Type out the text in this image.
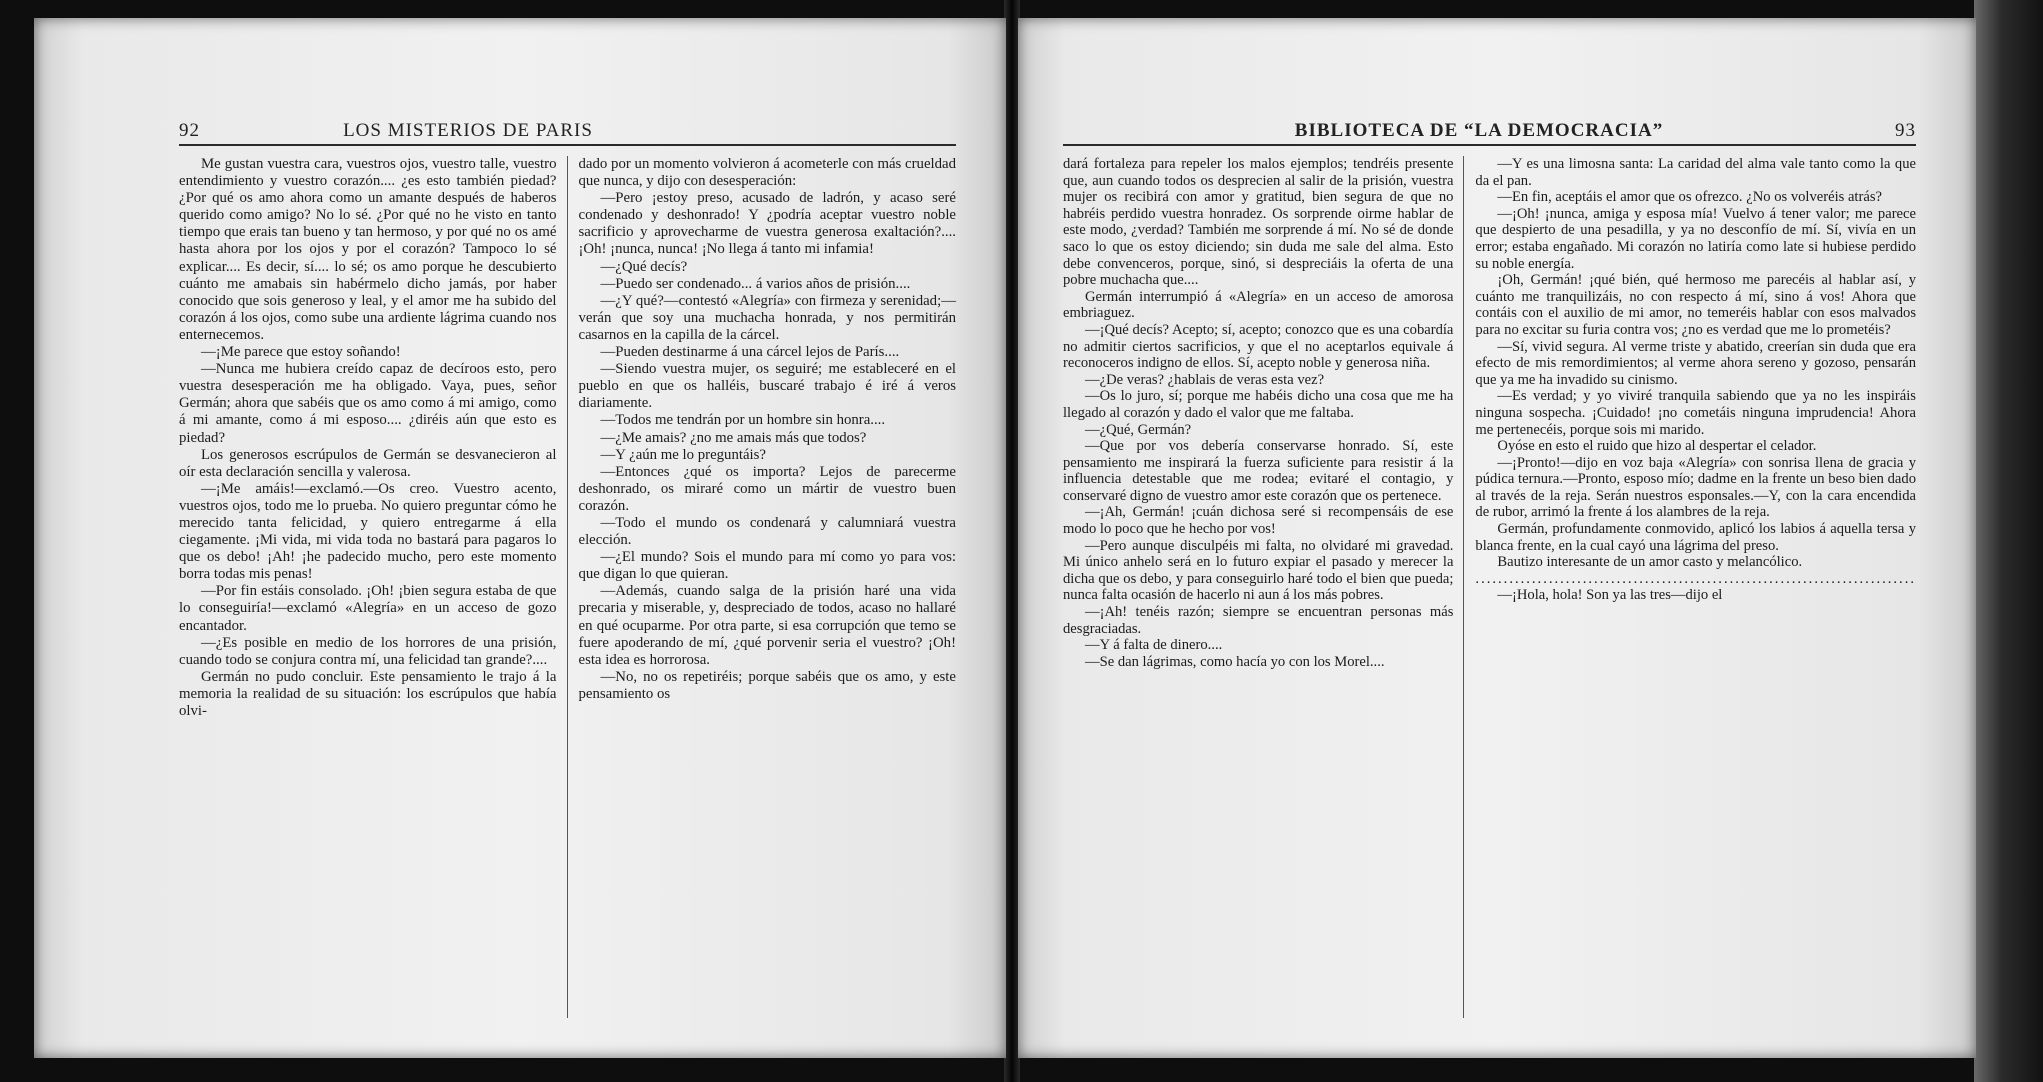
92	LOS MISTERIOS DE PARIS

Me gustan vuestra cara, vuestros ojos, vuestro talle, vuestro entendimiento y vuestro corazón.... ¿es esto también piedad? ¿Por qué os amo ahora como un amante después de haberos querido como amigo? No lo sé. ¿Por qué no he visto en tanto tiempo que erais tan bueno y tan hermoso, y por qué no os amé hasta ahora por los ojos y por el corazón? Tampoco lo sé explicar.... Es decir, sí.... lo sé; os amo porque he descubierto cuánto me amabais sin habérmelo dicho jamás, por haber conocido que sois generoso y leal, y el amor me ha subido del corazón á los ojos, como sube una ardiente lágrima cuando nos enternecemos.

—¡Me parece que estoy soñando!

—Nunca me hubiera creído capaz de decíroos esto, pero vuestra desesperación me ha obligado. Vaya, pues, señor Germán; ahora que sabéis que os amo como á mi amigo, como á mi amante, como á mi esposo.... ¿diréis aún que esto es piedad?

Los generosos escrúpulos de Germán se desvanecieron al oír esta declaración sencilla y valerosa.

—¡Me amáis!—exclamó.—Os creo. Vuestro acento, vuestros ojos, todo me lo prueba. No quiero preguntar cómo he merecido tanta felicidad, y quiero entregarme á ella ciegamente. ¡Mi vida, mi vida toda no bastará para pagaros lo que os debo! ¡Ah! ¡he padecido mucho, pero este momento borra todas mis penas!

—Por fin estáis consolado. ¡Oh! ¡bien segura estaba de que lo conseguiría!—exclamó «Alegría» en un acceso de gozo encantador.

—¿Es posible en medio de los horrores de una prisión, cuando todo se conjura contra mí, una felicidad tan grande?....

Germán no pudo concluir. Este pensamiento le trajo á la memoria la realidad de su situación: los escrúpulos que había olvi-

dado por un momento volvieron á acometerle con más crueldad que nunca, y dijo con desesperación:

—Pero ¡estoy preso, acusado de ladrón, y acaso seré condenado y deshonrado! Y ¿podría aceptar vuestro noble sacrificio y aprovecharme de vuestra generosa exaltación?.... ¡Oh! ¡nunca, nunca! ¡No llega á tanto mi infamia!

—¿Qué decís?

—Puedo ser condenado... á varios años de prisión....

—¿Y qué?—contestó «Alegría» con firmeza y serenidad;—verán que soy una muchacha honrada, y nos permitirán casarnos en la capilla de la cárcel.

—Pueden destinarme á una cárcel lejos de París....

—Siendo vuestra mujer, os seguiré; me estableceré en el pueblo en que os halléis, buscaré trabajo é iré á veros diariamente.

—Todos me tendrán por un hombre sin honra....

—¿Me amais? ¿no me amais más que todos?

—Y ¿aún me lo preguntáis?

—Entonces ¿qué os importa? Lejos de parecerme deshonrado, os miraré como un mártir de vuestro buen corazón.

—Todo el mundo os condenará y calumniará vuestra elección.

—¿El mundo? Sois el mundo para mí como yo para vos: que digan lo que quieran.

—Además, cuando salga de la prisión haré una vida precaria y miserable, y, despreciado de todos, acaso no hallaré en qué ocuparme. Por otra parte, si esa corrupción que temo se fuere apoderando de mí, ¿qué porvenir seria el vuestro? ¡Oh! esta idea es horrorosa.

—No, no os repetiréis; porque sabéis que os amo, y este pensamiento os

BIBLIOTECA DE “LA DEMOCRACIA”	93

dará fortaleza para repeler los malos ejemplos; tendréis presente que, aun cuando todos os desprecien al salir de la prisión, vuestra mujer os recibirá con amor y gratitud, bien segura de que no habréis perdido vuestra honradez. Os sorprende oirme hablar de este modo, ¿verdad? También me sorprende á mí. No sé de donde saco lo que os estoy diciendo; sin duda me sale del alma. Esto debe convenceros, porque, sinó, si despreciáis la oferta de una pobre muchacha que....

Germán interrumpió á «Alegría» en un acceso de amorosa embriaguez.

—¡Qué decís? Acepto; sí, acepto; conozco que es una cobardía no admitir ciertos sacrificios, y que el no aceptarlos equivale á reconoceros indigno de ellos. Sí, acepto noble y generosa niña.

—¿De veras? ¿hablais de veras esta vez?

—Os lo juro, sí; porque me habéis dicho una cosa que me ha llegado al corazón y dado el valor que me faltaba.

—¿Qué, Germán?

—Que por vos debería conservarse honrado. Sí, este pensamiento me inspirará la fuerza suficiente para resistir á la influencia detestable que me rodea; evitaré el contagio, y conservaré digno de vuestro amor este corazón que os pertenece.

—¡Ah, Germán! ¡cuán dichosa seré si recompensáis de ese modo lo poco que he hecho por vos!

—Pero aunque disculpéis mi falta, no olvidaré mi gravedad. Mi único anhelo será en lo futuro expiar el pasado y merecer la dicha que os debo, y para conseguirlo haré todo el bien que pueda; nunca falta ocasión de hacerlo ni aun á los más pobres.

—¡Ah! tenéis razón; siempre se encuentran personas más desgraciadas.

—Y á falta de dinero....

—Se dan lágrimas, como hacía yo con los Morel....

—Y es una limosna santa: La caridad del alma vale tanto como la que da el pan.

—En fin, aceptáis el amor que os ofrezco. ¿No os volveréis atrás?

—¡Oh! ¡nunca, amiga y esposa mía! Vuelvo á tener valor; me parece que despierto de una pesadilla, y ya no desconfío de mí. Sí, vivía en un error; estaba engañado. Mi corazón no latiría como late si hubiese perdido su noble energía.

¡Oh, Germán! ¡qué bién, qué hermoso me parecéis al hablar así, y cuánto me tranquilizáis, no con respecto á mí, sino á vos! Ahora que contáis con el auxilio de mi amor, no temeréis hablar con esos malvados para no excitar su furia contra vos; ¿no es verdad que me lo prometéis?

—Sí, vivid segura. Al verme triste y abatido, creerían sin duda que era efecto de mis remordimientos; al verme ahora sereno y gozoso, pensarán que ya me ha invadido su cinismo.

—Es verdad; y yo viviré tranquila sabiendo que ya no les inspiráis ninguna sospecha. ¡Cuidado! ¡no cometáis ninguna imprudencia! Ahora me pertenecéis, porque sois mi marido.

Oyóse en esto el ruido que hizo al despertar el celador.

—¡Pronto!—dijo en voz baja «Alegría» con sonrisa llena de gracia y púdica ternura.—Pronto, esposo mío; dadme en la frente un beso bien dado al través de la reja. Serán nuestros esponsales.—Y, con la cara encendida de rubor, arrimó la frente á los alambres de la reja.

Germán, profundamente conmovido, aplicó los labios á aquella tersa y blanca frente, en la cual cayó una lágrima del preso.

Bautizo interesante de un amor casto y melancólico.

..............................................................................

—¡Hola, hola! Son ya las tres—dijo el
